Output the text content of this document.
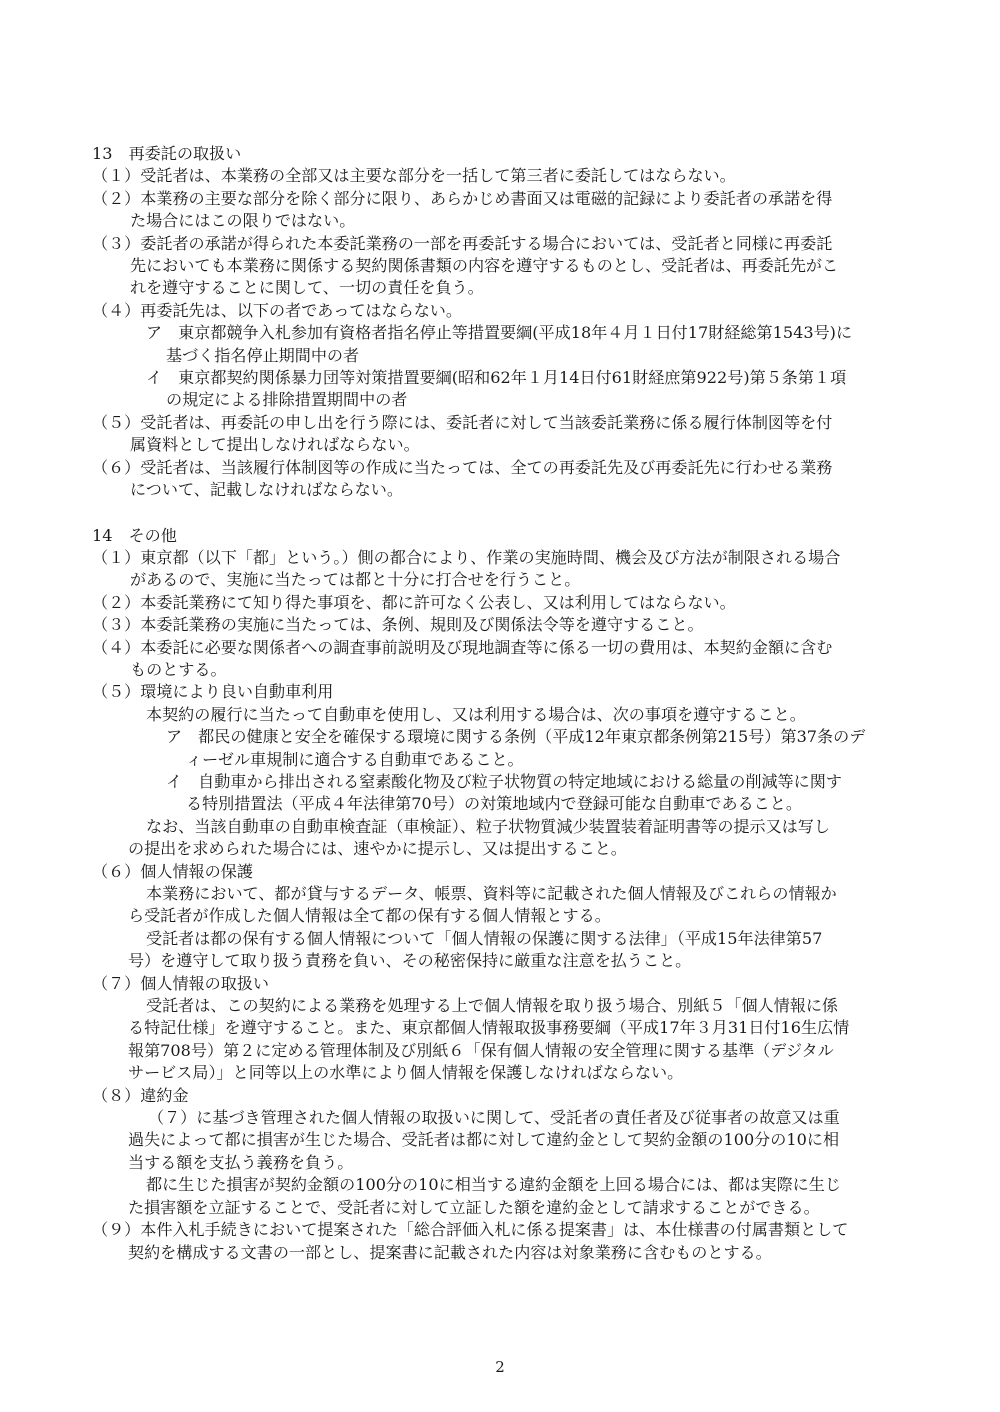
13　再委託の取扱い
（１）受託者は、本業務の全部又は主要な部分を一括して第三者に委託してはならない。
（２）本業務の主要な部分を除く部分に限り、あらかじめ書面又は電磁的記録により委託者の承諾を得
た場合にはこの限りではない。
（３）委託者の承諾が得られた本委託業務の一部を再委託する場合においては、受託者と同様に再委託
先においても本業務に関係する契約関係書類の内容を遵守するものとし、受託者は、再委託先がこ
れを遵守することに関して、一切の責任を負う。
（４）再委託先は、以下の者であってはならない。
ア　東京都競争入札参加有資格者指名停止等措置要綱(平成18年４月１日付17財経総第1543号)に
基づく指名停止期間中の者
イ　東京都契約関係暴力団等対策措置要綱(昭和62年１月14日付61財経庶第922号)第５条第１項
の規定による排除措置期間中の者
（５）受託者は、再委託の申し出を行う際には、委託者に対して当該委託業務に係る履行体制図等を付
属資料として提出しなければならない。
（６）受託者は、当該履行体制図等の作成に当たっては、全ての再委託先及び再委託先に行わせる業務
について、記載しなければならない。
14　その他
（１）東京都（以下「都」という。）側の都合により、作業の実施時間、機会及び方法が制限される場合
があるので、実施に当たっては都と十分に打合せを行うこと。
（２）本委託業務にて知り得た事項を、都に許可なく公表し、又は利用してはならない。
（３）本委託業務の実施に当たっては、条例、規則及び関係法令等を遵守すること。
（４）本委託に必要な関係者への調査事前説明及び現地調査等に係る一切の費用は、本契約金額に含む
ものとする。
（５）環境により良い自動車利用
本契約の履行に当たって自動車を使用し、又は利用する場合は、次の事項を遵守すること。
ア　都民の健康と安全を確保する環境に関する条例（平成12年東京都条例第215号）第37条のデ
ィーゼル車規制に適合する自動車であること。
イ　自動車から排出される窒素酸化物及び粒子状物質の特定地域における総量の削減等に関す
る特別措置法（平成４年法律第70号）の対策地域内で登録可能な自動車であること。
なお、当該自動車の自動車検査証（車検証）、粒子状物質減少装置装着証明書等の提示又は写し
の提出を求められた場合には、速やかに提示し、又は提出すること。
（６）個人情報の保護
本業務において、都が貸与するデータ、帳票、資料等に記載された個人情報及びこれらの情報か
ら受託者が作成した個人情報は全て都の保有する個人情報とする。
受託者は都の保有する個人情報について「個人情報の保護に関する法律」（平成15年法律第57
号）を遵守して取り扱う責務を負い、その秘密保持に厳重な注意を払うこと。
（７）個人情報の取扱い
受託者は、この契約による業務を処理する上で個人情報を取り扱う場合、別紙５「個人情報に係
る特記仕様」を遵守すること。また、東京都個人情報取扱事務要綱（平成17年３月31日付16生広情
報第708号）第２に定める管理体制及び別紙６「保有個人情報の安全管理に関する基準（デジタル
サービス局）」と同等以上の水準により個人情報を保護しなければならない。
（８）違約金
（７）に基づき管理された個人情報の取扱いに関して、受託者の責任者及び従事者の故意又は重
過失によって都に損害が生じた場合、受託者は都に対して違約金として契約金額の100分の10に相
当する額を支払う義務を負う。
都に生じた損害が契約金額の100分の10に相当する違約金額を上回る場合には、都は実際に生じ
た損害額を立証することで、受託者に対して立証した額を違約金として請求することができる。
（９）本件入札手続きにおいて提案された「総合評価入札に係る提案書」は、本仕様書の付属書類として
契約を構成する文書の一部とし、提案書に記載された内容は対象業務に含むものとする。
2
